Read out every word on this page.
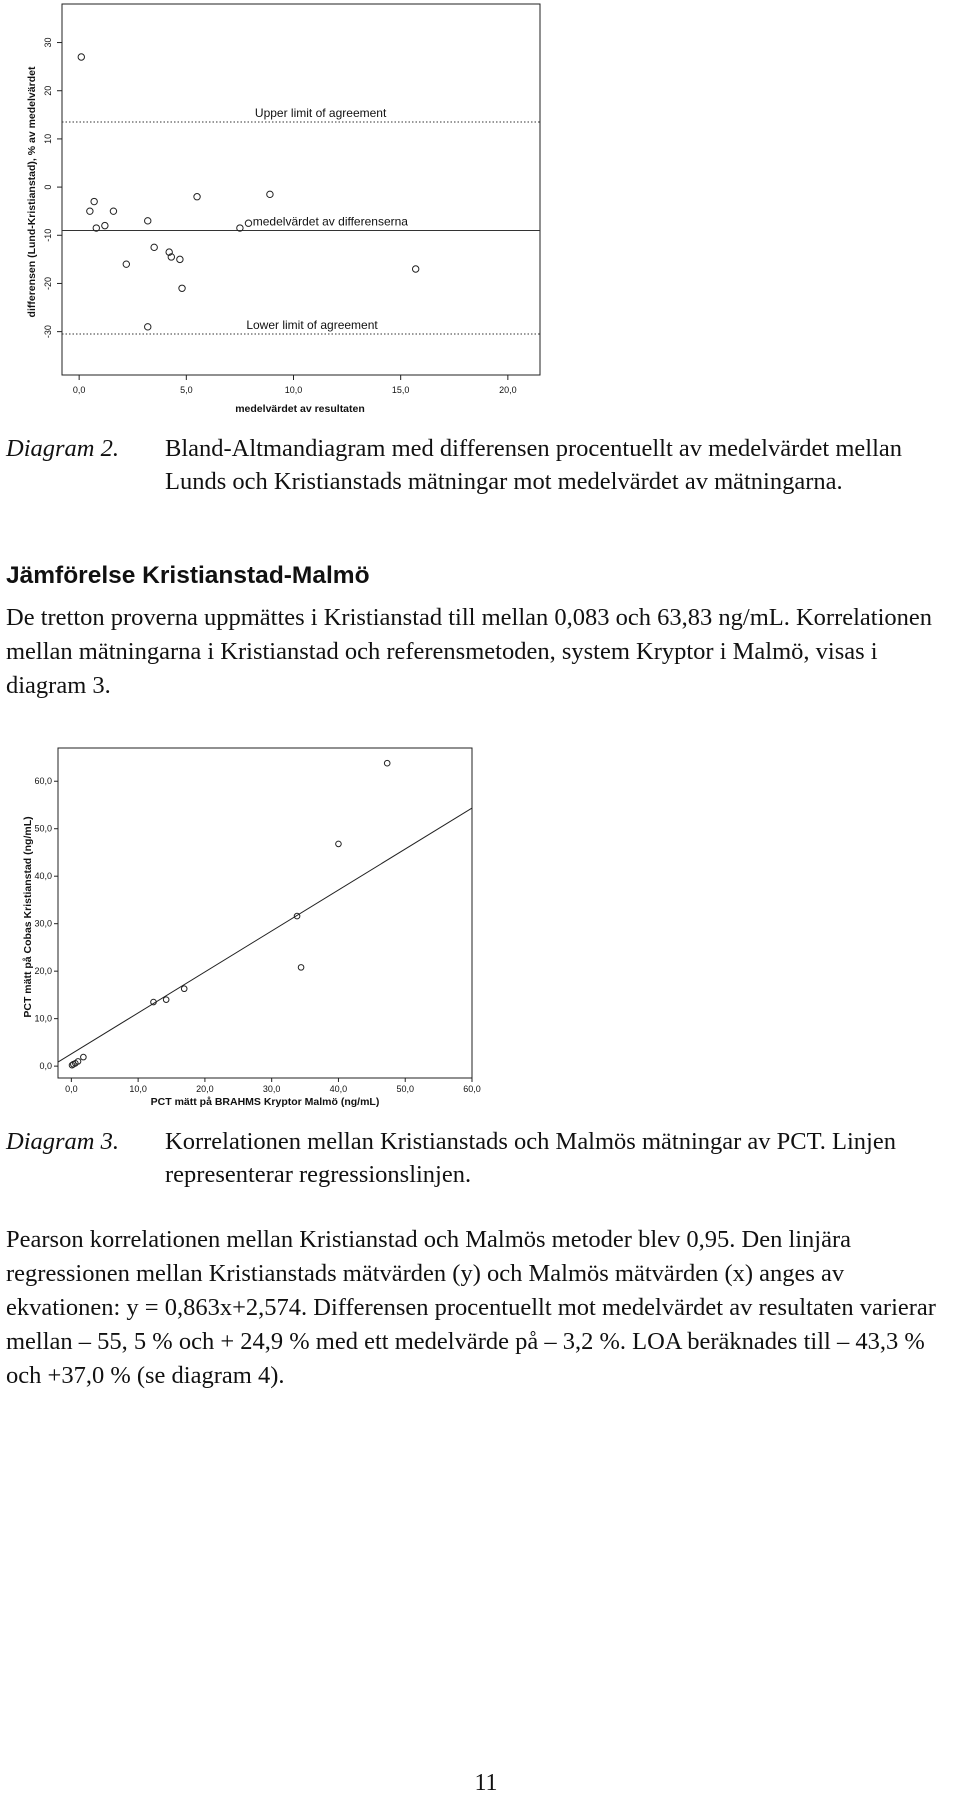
0,0	5,0	10,0	15,0	20,0
30
20
10
0
-10
-20
-30
Upper limit of agreement
medelvärdet av differenserna
Lower limit of agreement
medelvärdet av resultaten
differensen (Lund-Kristianstad), % av medelvärdet
Diagram 2. Bland-Altmandiagram med differensen procentuellt av medelvärdet mellan Lunds och Kristianstads mätningar mot medelvärdet av mätningarna.
Jämförelse Kristianstad-Malmö
De tretton proverna uppmättes i Kristianstad till mellan 0,083 och 63,83 ng/mL. Korrelationen mellan mätningarna i Kristianstad och referensmetoden, system Kryptor i Malmö, visas i diagram 3.
0,0	10,0	20,0	30,0	40,0	50,0	60,0
0,0
10,0
20,0
30,0
40,0
50,0
60,0
PCT mätt på BRAHMS Kryptor Malmö (ng/mL)
PCT mätt på Cobas Kristianstad (ng/mL)
Diagram 3. Korrelationen mellan Kristianstads och Malmös mätningar av PCT. Linjen representerar regressionslinjen.
Pearson korrelationen mellan Kristianstad och Malmös metoder blev 0,95. Den linjära regressionen mellan Kristianstads mätvärden (y) och Malmös mätvärden (x) anges av ekvationen: y = 0,863x+2,574. Differensen procentuellt mot medelvärdet av resultaten varierar mellan – 55, 5 % och + 24,9 % med ett medelvärde på – 3,2 %. LOA beräknades till – 43,3 % och +37,0 % (se diagram 4).
11
